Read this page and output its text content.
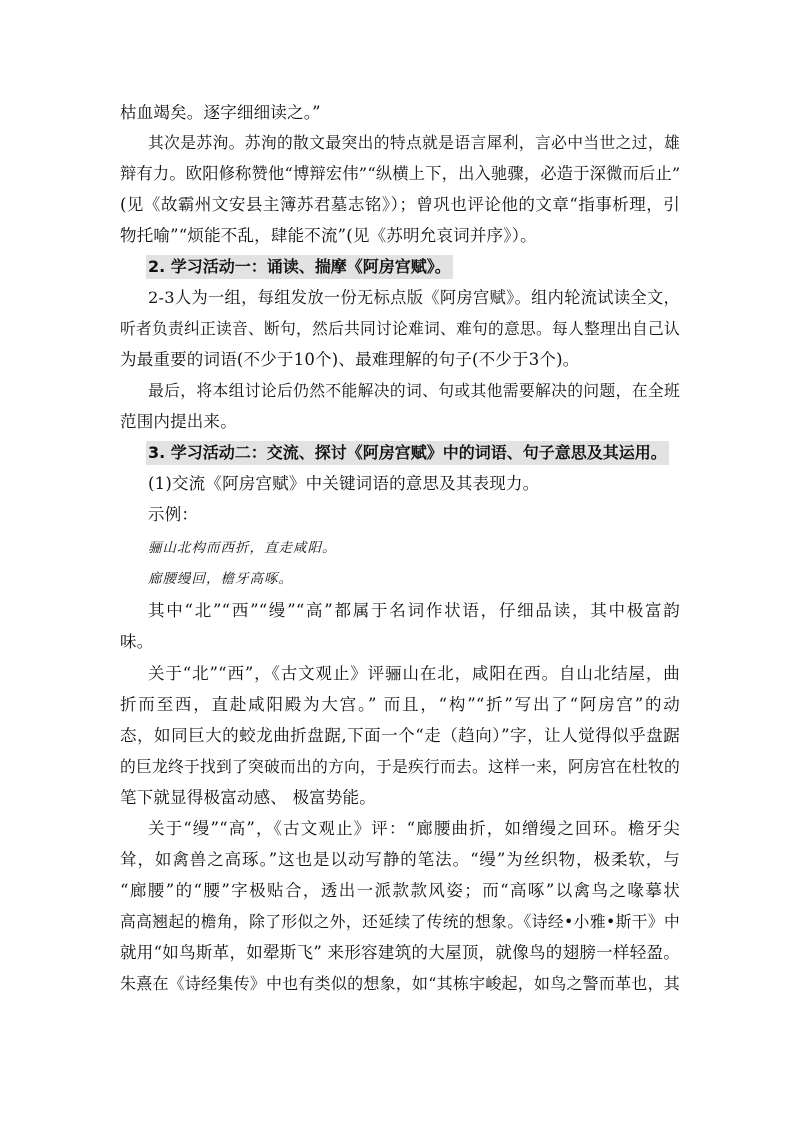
枯血竭矣。逐字细细读之。”
其次是苏洵。苏洵的散文最突出的特点就是语言犀利，言必中当世之过，雄
辩有力。欧阳修称赞他“博辩宏伟”“纵横上下，出入驰骤，必造于深微而后止”
(见《故霸州文安县主簿苏君墓志铭》）；曾巩也评论他的文章“指事析理，引
物托喻”“烦能不乱，肆能不流”(见《苏明允哀词并序》）。
2. 学习活动一：诵读、揣摩《阿房宫赋》。
2-3人为一组，每组发放一份无标点版《阿房宫赋》。组内轮流试读全文，
听者负责纠正读音、断句，然后共同讨论难词、难句的意思。每人整理出自己认
为最重要的词语(不少于10个)、最难理解的句子(不少于3个)。
最后，将本组讨论后仍然不能解决的词、句或其他需要解决的问题，在全班
范围内提出来。
3. 学习活动二：交流、探讨《阿房宫赋》中的词语、句子意思及其运用。
(1)交流《阿房宫赋》中关键词语的意思及其表现力。
示例：
骊山北构而西折，直走咸阳。
廊腰缦回，檐牙高啄。
其中“北”“西”“缦”“高”都属于名词作状语，仔细品读，其中极富韵
味。
关于“北”“西”，《古文观止》评骊山在北，咸阳在西。自山北结屋，曲
折而至西，直赴咸阳殿为大宫。” 而且，“构”“折”写出了“阿房宫”的动
态，如同巨大的蛟龙曲折盘踞,下面一个“走（趋向）”字，让人觉得似乎盘踞
的巨龙终于找到了突破而出的方向，于是疾行而去。这样一来，阿房宫在杜牧的
笔下就显得极富动感、 极富势能。
关于“缦”“高”，《古文观止》评：“廊腰曲折，如缯缦之回环。檐牙尖
耸，如禽兽之高琢。”这也是以动写静的笔法。“缦”为丝织物，极柔软，与
“廊腰”的“腰”字极贴合，透出一派款款风姿；而“高啄”以禽鸟之喙摹状
高高翘起的檐角，除了形似之外，还延续了传统的想象。《诗经•小雅•斯干》中
就用“如鸟斯革，如翚斯飞” 来形容建筑的大屋顶，就像鸟的翅膀一样轻盈。
朱熹在《诗经集传》中也有类似的想象，如“其栋宇峻起，如鸟之警而革也，其
